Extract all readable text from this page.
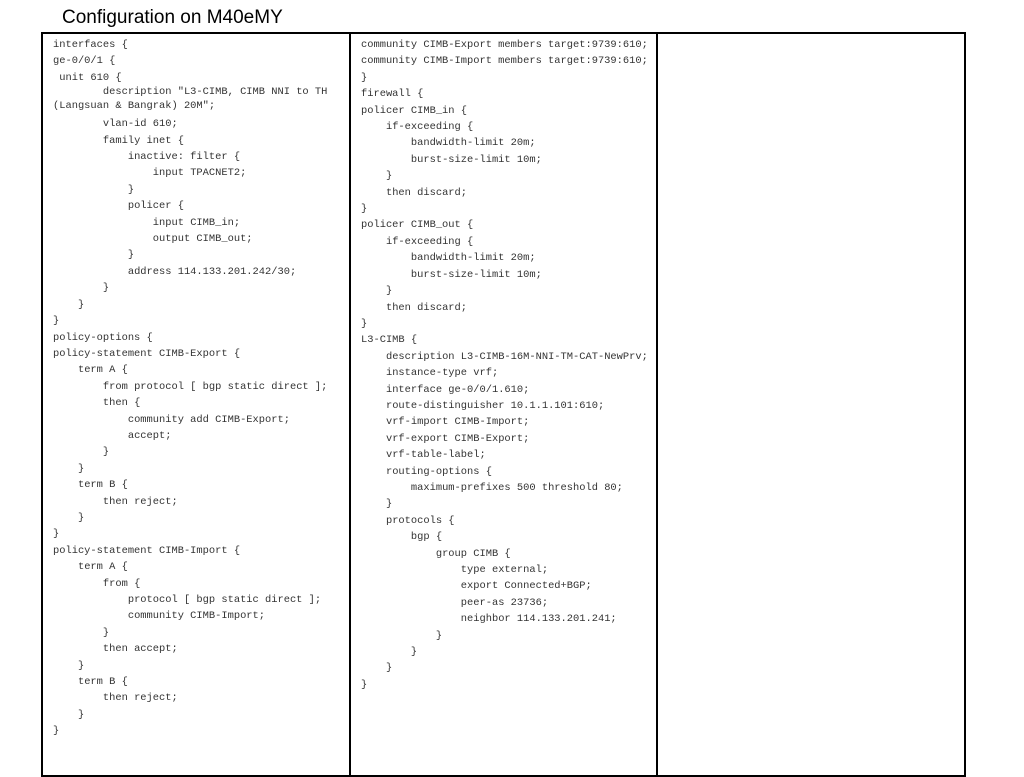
Configuration on M40eMY
interfaces {
ge-0/0/1 {
unit 610 {
description "L3-CIMB, CIMB NNI to TH (Langsuan & Bangrak) 20M";
vlan-id 610;
family inet {
inactive: filter {
input TPACNET2;
}
policer {
input CIMB_in;
output CIMB_out;
}
address 114.133.201.242/30;
}
}
}
policy-options {
policy-statement CIMB-Export {
term A {
from protocol [ bgp static direct ];
then {
community add CIMB-Export;
accept;
}
}
term B {
then reject;
}
}
policy-statement CIMB-Import {
term A {
from {
protocol [ bgp static direct ];
community CIMB-Import;
}
then accept;
}
term B {
then reject;
}
}
community CIMB-Export members target:9739:610;
community CIMB-Import members target:9739:610;
}
firewall {
policer CIMB_in {
if-exceeding {
bandwidth-limit 20m;
burst-size-limit 10m;
}
then discard;
}
policer CIMB_out {
if-exceeding {
bandwidth-limit 20m;
burst-size-limit 10m;
}
then discard;
}
L3-CIMB {
description L3-CIMB-16M-NNI-TM-CAT-NewPrv;
instance-type vrf;
interface ge-0/0/1.610;
route-distinguisher 10.1.1.101:610;
vrf-import CIMB-Import;
vrf-export CIMB-Export;
vrf-table-label;
routing-options {
maximum-prefixes 500 threshold 80;
}
protocols {
bgp {
group CIMB {
type external;
export Connected+BGP;
peer-as 23736;
neighbor 114.133.201.241;
}
}
}
}
